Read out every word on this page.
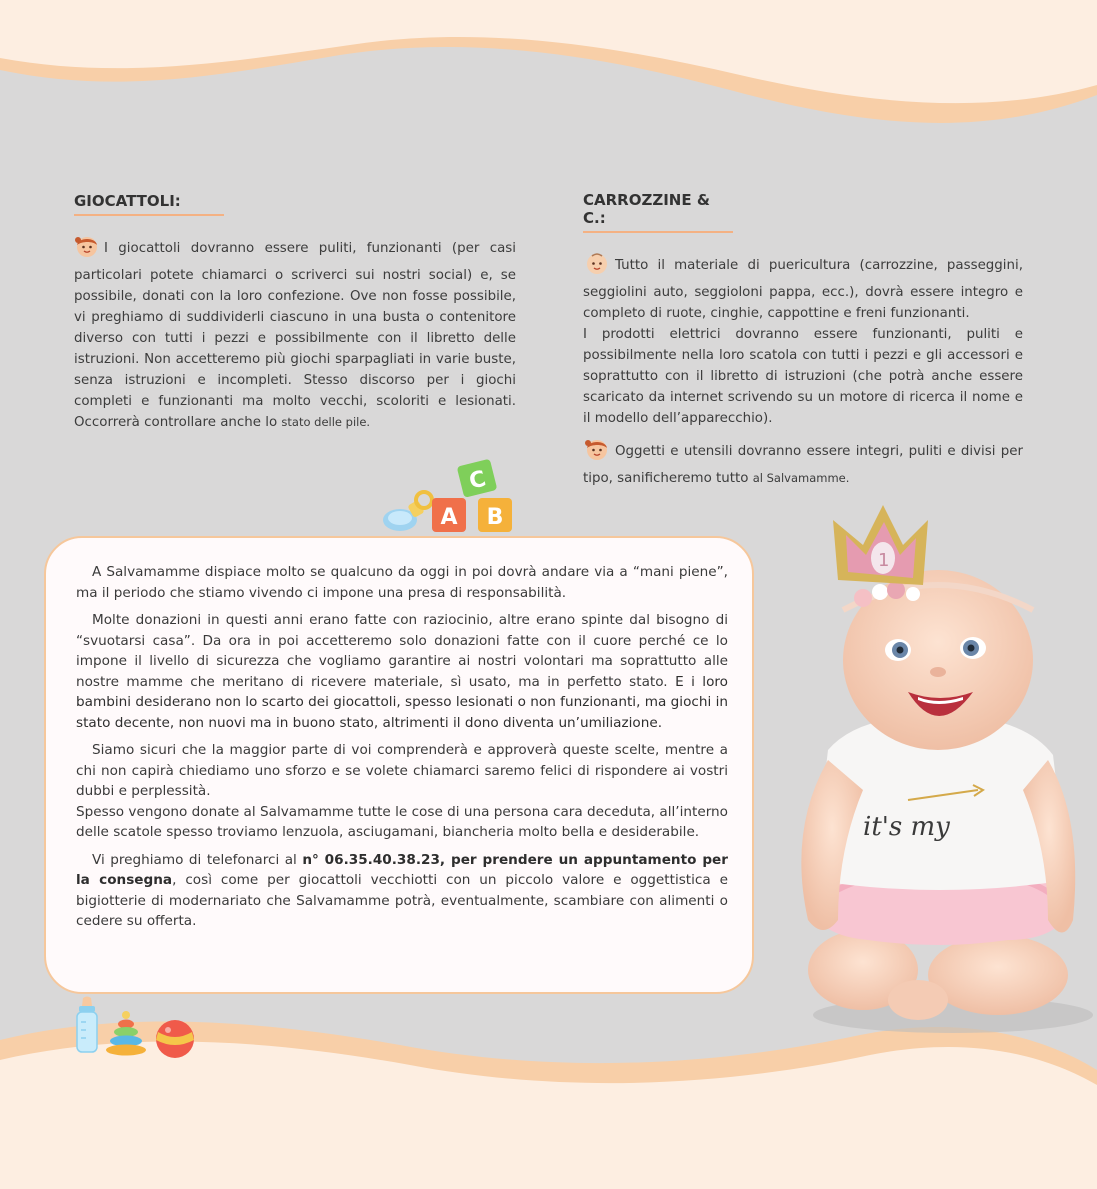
GIOCATTOLI:

I giocattoli dovranno essere puliti, funzionanti (per casi particolari potete chiamarci o scriverci sui nostri social) e, se possibile, donati con la loro confezione. Ove non fosse possibile, vi preghiamo di suddividerli ciascuno in una busta o contenitore diverso con tutti i pezzi e possibilmente con il libretto delle istruzioni. Non accetteremo più giochi sparpagliati in varie buste, senza istruzioni e incompleti. Stesso discorso per i giochi completi e funzionanti ma molto vecchi, scoloriti e lesionati. Occorrerà controllare anche lo stato delle pile.

CARROZZINE & C.:

Tutto il materiale di puericultura (carrozzine, passeggini, seggiolini auto, seggioloni pappa, ecc.), dovrà essere integro e completo di ruote, cinghie, cappottine e freni funzionanti.

I prodotti elettrici dovranno essere funzionanti, puliti e possibilmente nella loro scatola con tutti i pezzi e gli accessori e soprattutto con il libretto di istruzioni (che potrà anche essere scaricato da internet scrivendo su un motore di ricerca il nome e il modello dell’apparecchio).

Oggetti e utensili dovranno essere integri, puliti e divisi per tipo, sanificheremo tutto al Salvamamme.

C
A B

A Salvamamme dispiace molto se qualcuno da oggi in poi dovrà andare via a “mani piene”, ma il periodo che stiamo vivendo ci impone una presa di responsabilità.

Molte donazioni in questi anni erano fatte con raziocinio, altre erano spinte dal bisogno di “svuotarsi casa”. Da ora in poi accetteremo solo donazioni fatte con il cuore perché ce lo impone il livello di sicurezza che vogliamo garantire ai nostri volontari ma soprattutto alle nostre mamme che meritano di ricevere materiale, sì usato, ma in perfetto stato. E i loro bambini desiderano non lo scarto dei giocattoli, spesso lesionati o non funzionanti, ma giochi in stato decente, non nuovi ma in buono stato, altrimenti il dono diventa un’umiliazione.

Siamo sicuri che la maggior parte di voi comprenderà e approverà queste scelte, mentre a chi non capirà chiediamo uno sforzo e se volete chiamarci saremo felici di rispondere ai vostri dubbi e perplessità.

Spesso vengono donate al Salvamamme tutte le cose di una persona cara deceduta, all’interno delle scatole spesso troviamo lenzuola, asciugamani, biancheria molto bella e desiderabile.

Vi preghiamo di telefonarci al n° 06.35.40.38.23, per prendere un appuntamento per la consegna, così come per giocattoli vecchiotti con un piccolo valore e oggettistica e bigiotterie di modernariato che Salvamamme potrà, eventualmente, scambiare con alimenti o cedere su offerta.

it's my
1
